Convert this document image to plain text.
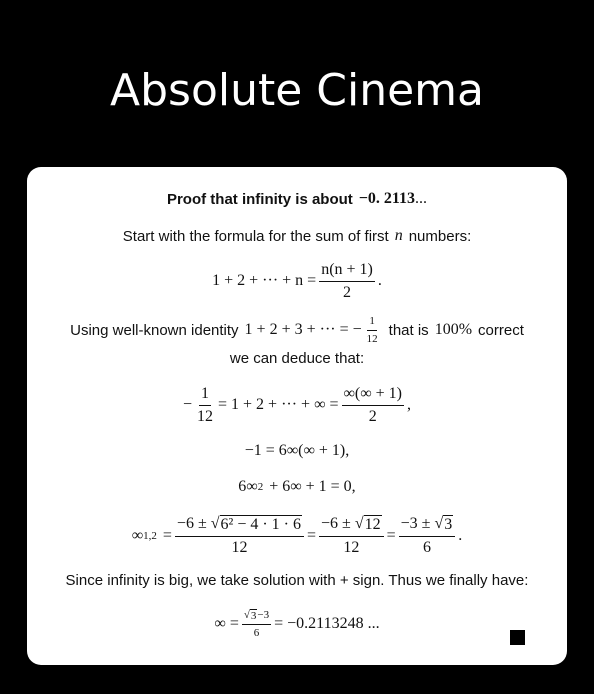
Absolute Cinema
Proof that infinity is about −0. 2113 ...
Start with the formula for the sum of first n numbers:
1 + 2 + ··· + $n = \frac{n(n + 1)}{2}$ .
Using well-known identity 1 + 2 + 3 + ··· = − $\frac{1}{12}$ that is 100% correct
we can deduce that:
− $\frac{1}{12} = 1 + 2$ + ··· + ∞ = $\frac{\infty(\infty + 1)}{2}$ ,
−1 = 6∞(∞ + 1),
6∞ 2 + 6∞ + 1 = 0,
∞ $1,2 = \frac{\text{−6 ± √ 6² − 4 · 1 · 6}}{12} = \frac{-6 \pm √ 12}{12} = \frac{-3 \pm √ 3}{6}$ .
Since infinity is big, we take solution with + sign. Thus we finally have:
∞ = $\frac{√ 3 -3}{6} = -0.2113248$ ...
